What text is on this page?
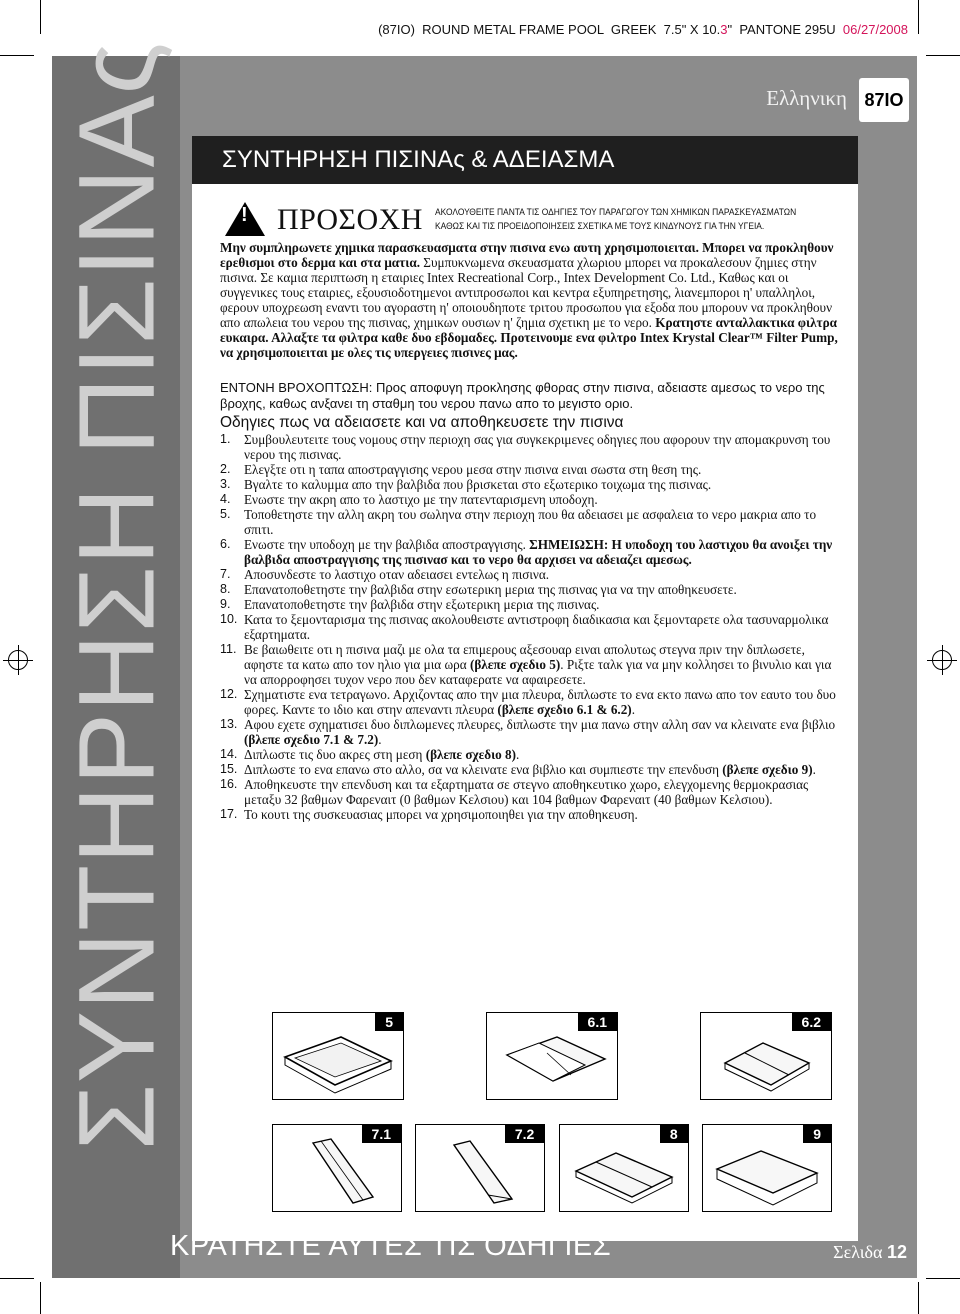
(87IO)  ROUND METAL FRAME POOL  GREEK  7.5" X 10.3"  PANTONE 295U  06/27/2008
ΣΥΝΤΗΡΗΣΗ ΠΙΣΙΝΑς	Ελληνικη 87IO
ΣΥΝΤΗΡΗΣΗ ΠΙΣΙΝΑς & ΑΔΕΙΑΣΜΑ
! ΠΡΟΣΟΧΗ ΑΚΟΛΟΥΘΕΙΤΕ ΠΑΝΤΑ ΤΙΣ ΟΔΗΓΙΕΣ ΤΟΥ ΠΑΡΑΓΩΓΟΥ ΤΩΝ ΧΗΜΙΚΩΝ ΠΑΡΑΣΚΕΥΑΣΜΑΤΩΝ
ΚΑΘΩΣ ΚΑΙ ΤΙΣ ΠΡΟΕΙΔΟΠΟΙΗΣΕΙΣ ΣΧΕΤΙΚΑ ΜΕ ΤΟΥΣ ΚΙΝΔΥΝΟΥΣ ΓΙΑ ΤΗΝ ΥΓΕΙΑ.

Μην συμπληρωνετε χημικα παρασκευασματα στην πισινα ενω αυτη χρησιμοποιειται. Μπορει να προκληθουν ερεθισμοι στο δερμα και στα ματια. Συμπυκνωμενα σκευασματα χλωριου μπορει να προκαλεσουν ζημιες στην πισινα. Σε καμια περιπτωση η εταιριες Intex Recreational Corp., Intex Development Co. Ltd., Καθως και οι συγγενικες τους εταιριες, εξουσιοδοτημενοι αντιπροσωποι και κεντρα εξυπηρετησης, λιανεμποροι η' υπαλληλοι, φερουν υποχρεωση εναντι του αγοραστη η' οποιουδηποτε τριτου προσωπου για εξοδα που μπορουν να προκληθουν απο απωλεια του νερου της πισινας, χημικων ουσιων η' ζημια σχετικη με το νερο. Κρατηστε ανταλλακτικα φιλτρα ευκαιρα. Αλλαξτε τα φιλτρα καθε δυο εβδομαδες. Προτεινουμε ενα φιλτρο Intex Krystal Clear™ Filter Pump, να χρησιμοποιειται με ολες τις υπεργειες πισινες μας.

ΕΝΤΟΝΗ ΒΡΟΧΟΠΤΩΣΗ: Προς αποφυγη προκλησης φθορας στην πισινα, αδειαστε αμεσως το νερο της βροχης, καθως ανξανει τη σταθμη του νερου πανω απο το μεγιστο οριο.

Οδηγιες πως να αδειασετε και να αποθηκευσετε την πισινα
1.	Συμβουλευτειτε τους νομους στην περιοχη σας για συγκεκριμενες οδηγιες που αφορουν την απομακρυνση του νερου της πισινας.
2.	Ελεγξτε οτι η ταπα αποστραγγισης νερου μεσα στην πισινα ειναι σωστα στη θεση της.
3.	Βγαλτε το καλυμμα απο την βαλβιδα που βρισκεται στο εξωτερικο τοιχωμα της πισινας.
4.	Ενωστε την ακρη απο το λαστιχο με την πατενταρισμενη υποδοχη.
5.	Τοποθετηστε την αλλη ακρη του σωληνα στην περιοχη που θα αδειασει με ασφαλεια το νερο μακρια απο το σπιτι.
6.	Ενωστε την υποδοχη με την βαλβιδα αποστραγγισης. ΣΗΜΕΙΩΣΗ: Η υποδοχη του λαστιχου θα ανοιξει την βαλβιδα αποστραγγισης της πισινασ και το νερο θα αρχισει να αδειαζει αμεσως.
7.	Αποσυνδεστε το λαστιχο οταν αδειασει εντελως η πισινα.
8.	Επανατοποθετηστε την βαλβιδα στην εσωτερικη μερια της πισινας για να την αποθηκευσετε.
9.	Επανατοποθετηστε την βαλβιδα στην εξωτερικη μερια της πισινας.
10. Κατα το ξεμονταρισμα της πισινας ακολουθειστε αντιστροφη διαδικασια και ξεμονταρετε ολα τασυναρμολικα εξαρτηματα.
11. Βε βαιωθειτε οτι η πισινα μαζι με ολα τα επιμερους αξεσουαρ ειναι απολυτως στεγνα πριν την διπλωσετε, αφηστε τα κατω απο τον ηλιο για μια ωρα (βλεπε σχεδιο 5). Ριξτε ταλκ για να μην κολλησει το βινυλιο και για να απορροφησει τυχον νερο που δεν καταφερατε να αφαιρεσετε.
12. Σχηματιστε ενα τετραγωνο. Αρχιζοντας απο την μια πλευρα, διπλωστε το ενα εκτο πανω απο τον εαυτο του δυο φορες. Καντε το ιδιο και στην απεναντι πλευρα (βλεπε σχεδιο 6.1 & 6.2).
13. Αφου εχετε σχηματισει δυο διπλωμενες πλευρες, διπλωστε την μια πανω στην αλλη σαν να κλεινατε ενα βιβλιο (βλεπε σχεδιο 7.1 & 7.2).
14. Διπλωστε τις δυο ακρες στη μεση (βλεπε σχεδιο 8).
15. Διπλωστε το ενα επανω στο αλλο, σα να κλεινατε ενα βιβλιο και συμπιεστε την επενδυση (βλεπε σχεδιο 9).
16. Αποθηκευστε την επενδυση και τα εξαρτηματα σε στεγνο αποθηκευτικο χωρο, ελεγχομενης θερμοκρασιας μεταξυ 32 βαθμων Φαρεναιτ (0 βαθμων Κελσιου) και 104 βαθμων Φαρεναιτ (40 βαθμων Κελσιου).
17. Το κουτι της συσκευασιας μπορει να χρησιμοποιηθει για την αποθηκευση.
5	6.1	6.2
7.1	7.2	8	9
ΚΡΑΤΗΣΤΕ ΑΥΤΕΣ ΤΙΣ ΟΔΗΓΙΕΣ	Σελιδα 12
